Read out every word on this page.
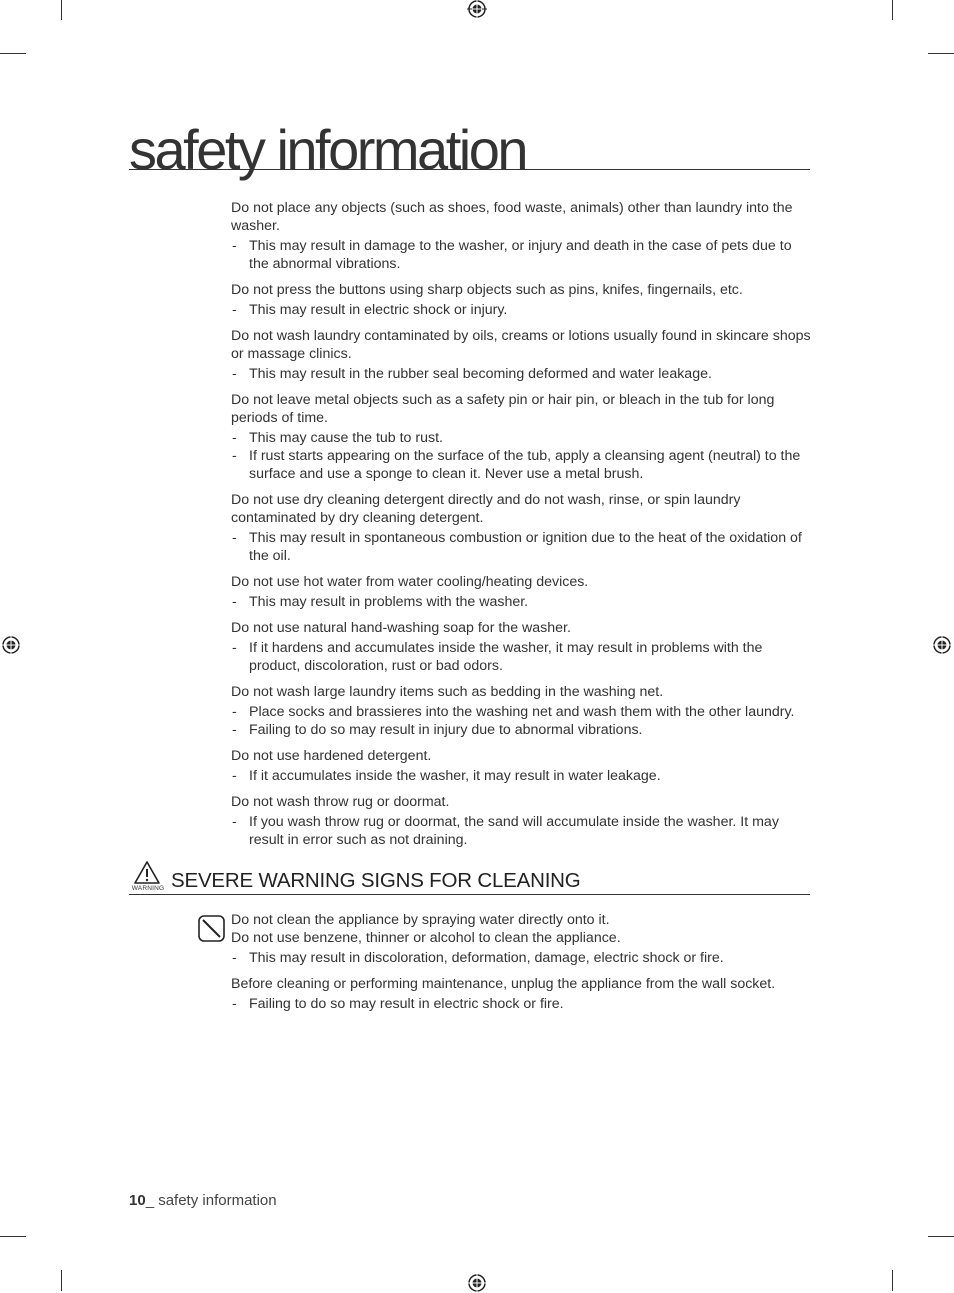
safety information

Do not place any objects (such as shoes, food waste, animals) other than laundry into the washer.

- This may result in damage to the washer, or injury and death in the case of pets due to the abnormal vibrations.

Do not press the buttons using sharp objects such as pins, knifes, fingernails, etc.

- This may result in electric shock or injury.

Do not wash laundry contaminated by oils, creams or lotions usually found in skincare shops or massage clinics.

- This may result in the rubber seal becoming deformed and water leakage.

Do not leave metal objects such as a safety pin or hair pin, or bleach in the tub for long periods of time.

- This may cause the tub to rust.
- If rust starts appearing on the surface of the tub, apply a cleansing agent (neutral) to the surface and use a sponge to clean it. Never use a metal brush.

Do not use dry cleaning detergent directly and do not wash, rinse, or spin laundry contaminated by dry cleaning detergent.

- This may result in spontaneous combustion or ignition due to the heat of the oxidation of the oil.

Do not use hot water from water cooling/heating devices.

- This may result in problems with the washer.

Do not use natural hand-washing soap for the washer.

- If it hardens and accumulates inside the washer, it may result in problems with the product, discoloration, rust or bad odors.

Do not wash large laundry items such as bedding in the washing net.

- Place socks and brassieres into the washing net and wash them with the other laundry.
- Failing to do so may result in injury due to abnormal vibrations.

Do not use hardened detergent.

- If it accumulates inside the washer, it may result in water leakage.

Do not wash throw rug or doormat.

- If you wash throw rug or doormat, the sand will accumulate inside the washer. It may result in error such as not draining.
WARNING SEVERE WARNING SIGNS FOR CLEANING

Do not clean the appliance by spraying water directly onto it.

Do not use benzene, thinner or alcohol to clean the appliance.

- This may result in discoloration, deformation, damage, electric shock or fire.

Before cleaning or performing maintenance, unplug the appliance from the wall socket.

- Failing to do so may result in electric shock or fire.
10_ safety information
